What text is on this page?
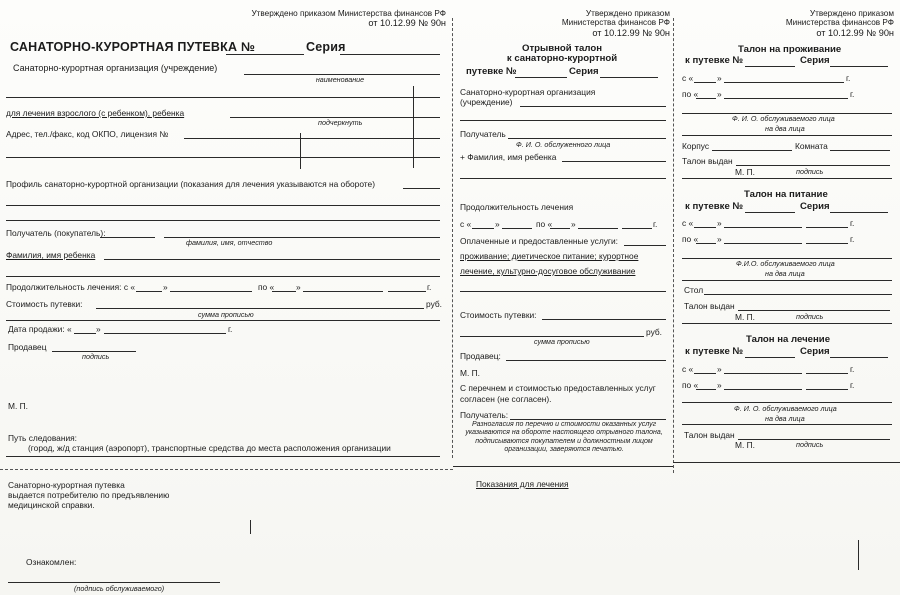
Утверждено приказом Министерства финансов РФ
от 10.12.99 № 90н
Утверждено приказом
Министерства финансов РФ
от 10.12.99 № 90н
Утверждено приказом
Министерства финансов РФ
от 10.12.99 № 90н
САНАТОРНО-КУРОРТНАЯ ПУТЕВКА №	Серия
Санаторно-курортная организация (учреждение)
наименование
для лечения взрослого (с ребенком), ребенка
подчеркнуть
Адрес, тел./факс, код ОКПО, лицензия №
Профиль санаторно-курортной организации (показания для лечения указываются на обороте)
Получатель (покупатель):
фамилия, имя, отчество
Фамилия, имя ребенка
Продолжительность лечения: с «	»	по «	»	г.
Стоимость путевки:	руб.
сумма прописью
Дата продажи: «	»	г.
Продавец
подпись
М. П.
Путь следования:
(город, ж/д станция (аэропорт), транспортные средства до места расположения организации
Отрывной талон
к санаторно-курортной
путевке №	Серия
Санаторно-курортная организация
(учреждение)
Получатель
Ф. И. О. обслуженного лица
+ Фамилия, имя ребенка
Продолжительность лечения
с «	»	по « »	г.
Оплаченные и предоставленные услуги:
проживание; диетическое питание; курортное
лечение, культурно-досуговое обслуживание
Стоимость путевки:
руб.
сумма прописью
Продавец:
М. П.
С перечнем и стоимостью предоставленных услуг
согласен (не согласен).
Получатель:
Разногласия по перечню и стоимости оказанных услуг
указываются на обороте настоящего отрывного талона,
подписываются покупателем и должностным лицом
организации, заверяются печатью.
Талон на проживание
к путевке №	Серия
с «	»	г.
по « »	г.
Ф. И. О. обслуживаемого лица
на два лица
Корпус	Комната
Талон выдан
М. П.	подпись
Талон на питание
к путевке №	Серия
с «	»	г.
по « »	г.
Ф.И.О. обслуживаемого лица
на два лица
Стол
Талон выдан
М. П.	подпись
Талон на лечение
к путевке №	Серия
с «	»	г.
по « »	г.
Ф. И. О. обслуживаемого лица
на два лица
Талон выдан
М. П.	подпись
Санаторно-курортная путевка
выдается потребителю по предъявлению
медицинской справки.
Показания для лечения
Ознакомлен:
(подпись обслуживаемого)
